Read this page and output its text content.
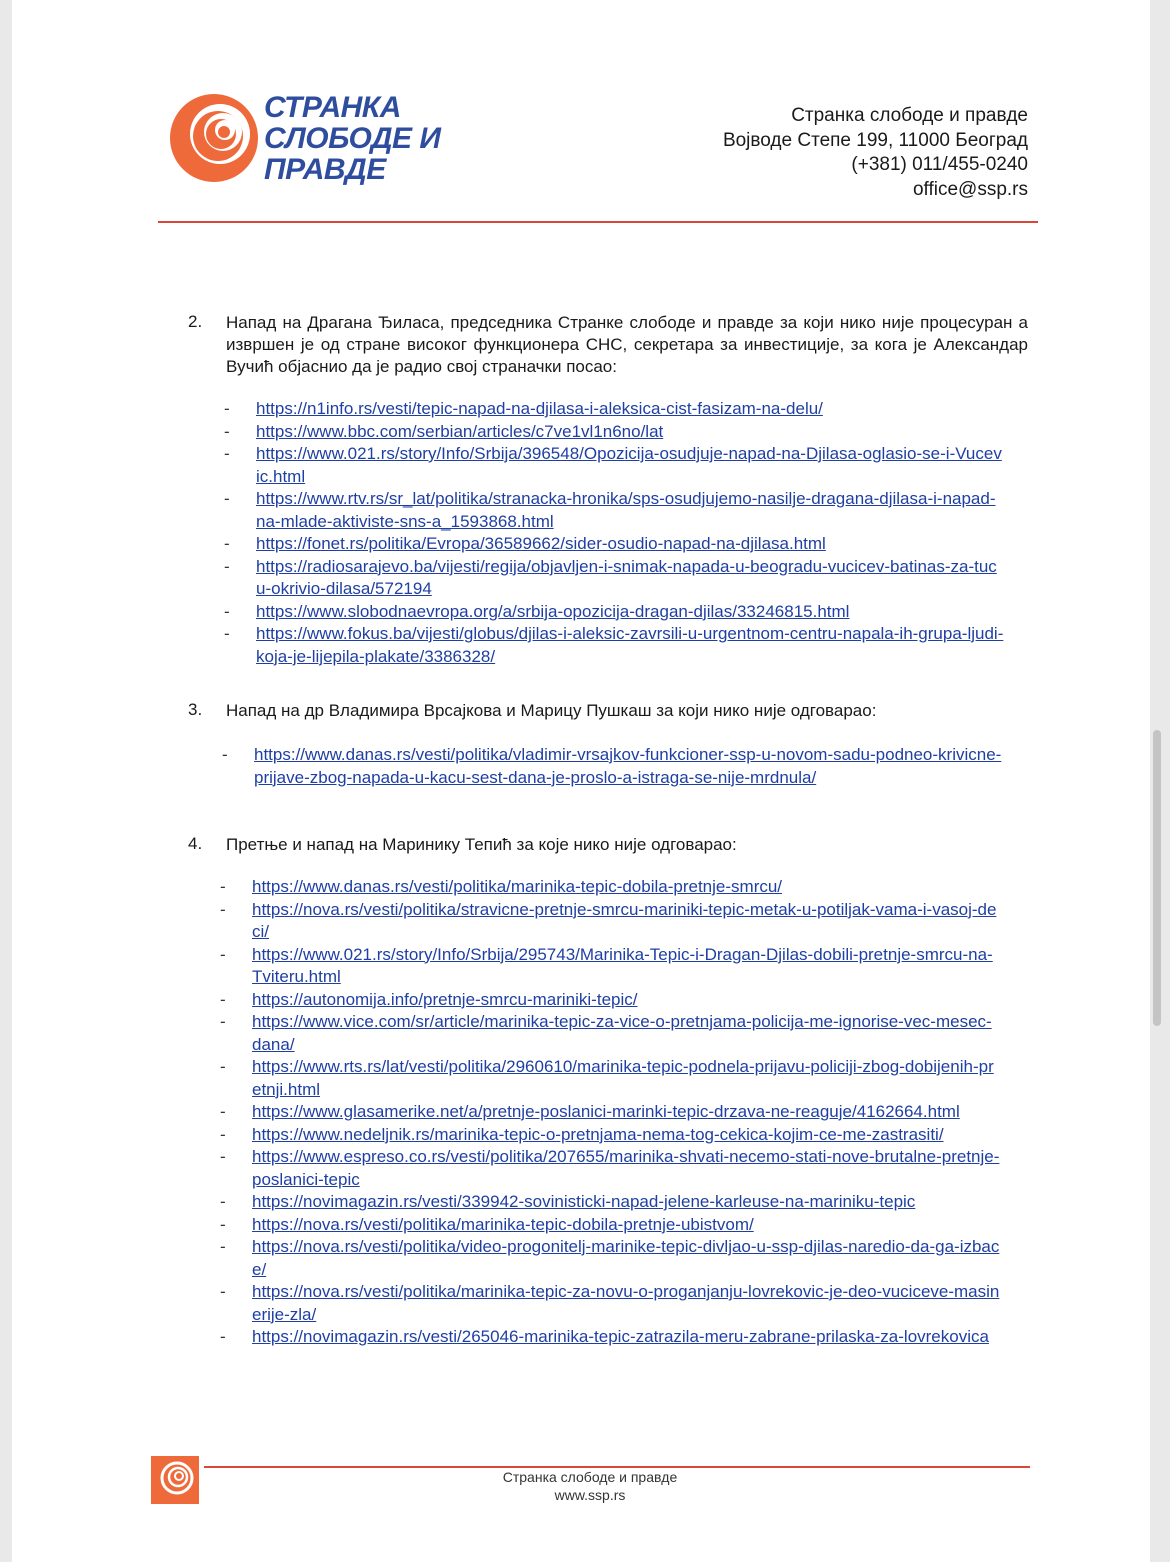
СТРАНКА
СЛОБОДЕ И
ПРАВДЕ
Странка слободе и правде
Војводе Степе 199, 11000 Београд
(+381) 011/455-0240
office@ssp.rs
2. Напад на Драгана Ђиласа, председника Странке слободе и правде за који нико није процесуран а извршен је од стране високог функционера СНС, секретара за инвестиције, за кога је Александар Вучић објаснио да је радио свој страначки посао:
- https://n1info.rs/vesti/tepic-napad-na-djilasa-i-aleksica-cist-fasizam-na-delu/
- https://www.bbc.com/serbian/articles/c7ve1vl1n6no/lat
- https://www.021.rs/story/Info/Srbija/396548/Opozicija-osudjuje-napad-na-Djilasa-oglasio-se-i-Vucevic.html
- https://www.rtv.rs/sr_lat/politika/stranacka-hronika/sps-osudjujemo-nasilje-dragana-djilasa-i-napad-na-mlade-aktiviste-sns-a_1593868.html
- https://fonet.rs/politika/Evropa/36589662/sider-osudio-napad-na-djilasa.html
- https://radiosarajevo.ba/vijesti/regija/objavljen-i-snimak-napada-u-beogradu-vucicev-batinas-za-tucu-okrivio-dilasa/572194
- https://www.slobodnaevropa.org/a/srbija-opozicija-dragan-djilas/33246815.html
- https://www.fokus.ba/vijesti/globus/djilas-i-aleksic-zavrsili-u-urgentnom-centru-napala-ih-grupa-ljudi-koja-je-lijepila-plakate/3386328/
3. Напад на др Владимира Врсајкова и Марицу Пушкаш за који нико није одговарао:
- https://www.danas.rs/vesti/politika/vladimir-vrsajkov-funkcioner-ssp-u-novom-sadu-podneo-krivicne-prijave-zbog-napada-u-kacu-sest-dana-je-proslo-a-istraga-se-nije-mrdnula/
4. Претње и напад на Маринику Тепић за које нико није одговарао:
- https://www.danas.rs/vesti/politika/marinika-tepic-dobila-pretnje-smrcu/
- https://nova.rs/vesti/politika/stravicne-pretnje-smrcu-mariniki-tepic-metak-u-potiljak-vama-i-vasoj-deci/
- https://www.021.rs/story/Info/Srbija/295743/Marinika-Tepic-i-Dragan-Djilas-dobili-pretnje-smrcu-na-Tviteru.html
- https://autonomija.info/pretnje-smrcu-mariniki-tepic/
- https://www.vice.com/sr/article/marinika-tepic-za-vice-o-pretnjama-policija-me-ignorise-vec-mesec-dana/
- https://www.rts.rs/lat/vesti/politika/2960610/marinika-tepic-podnela-prijavu-policiji-zbog-dobijenih-pretnji.html
- https://www.glasamerike.net/a/pretnje-poslanici-marinki-tepic-drzava-ne-reaguje/4162664.html
- https://www.nedeljnik.rs/marinika-tepic-o-pretnjama-nema-tog-cekica-kojim-ce-me-zastrasiti/
- https://www.espreso.co.rs/vesti/politika/207655/marinika-shvati-necemo-stati-nove-brutalne-pretnje-poslanici-tepic
- https://novimagazin.rs/vesti/339942-sovinisticki-napad-jelene-karleuse-na-mariniku-tepic
- https://nova.rs/vesti/politika/marinika-tepic-dobila-pretnje-ubistvom/
- https://nova.rs/vesti/politika/video-progonitelj-marinike-tepic-divljao-u-ssp-djilas-naredio-da-ga-izbace/
- https://nova.rs/vesti/politika/marinika-tepic-za-novu-o-proganjanju-lovrekovic-je-deo-vuciceve-masinerije-zla/
- https://novimagazin.rs/vesti/265046-marinika-tepic-zatrazila-meru-zabrane-prilaska-za-lovrekovica
Странка слободе и правде
www.ssp.rs
